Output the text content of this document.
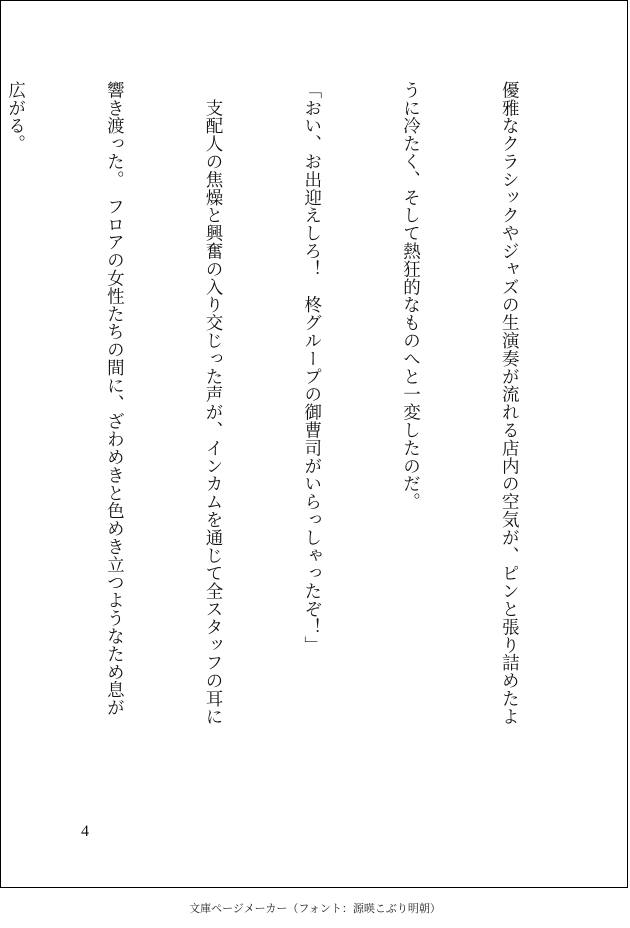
優雅なクラシックやジャズの生演奏が流れる店内の空気が、ピンと張り詰めたよ

うに冷たく、そして熱狂的なものへと一変したのだ。

「おい、お出迎えしろ！　柊グループの御曹司がいらっしゃったぞ！」

　支配人の焦燥と興奮の入り交じった声が、インカムを通じて全スタッフの耳に

響き渡った。　フロアの女性たちの間に、ざわめきと色めき立つようなため息が

広がる。

4
文庫ページメーカー（フォント：源暎こぶり明朝）
